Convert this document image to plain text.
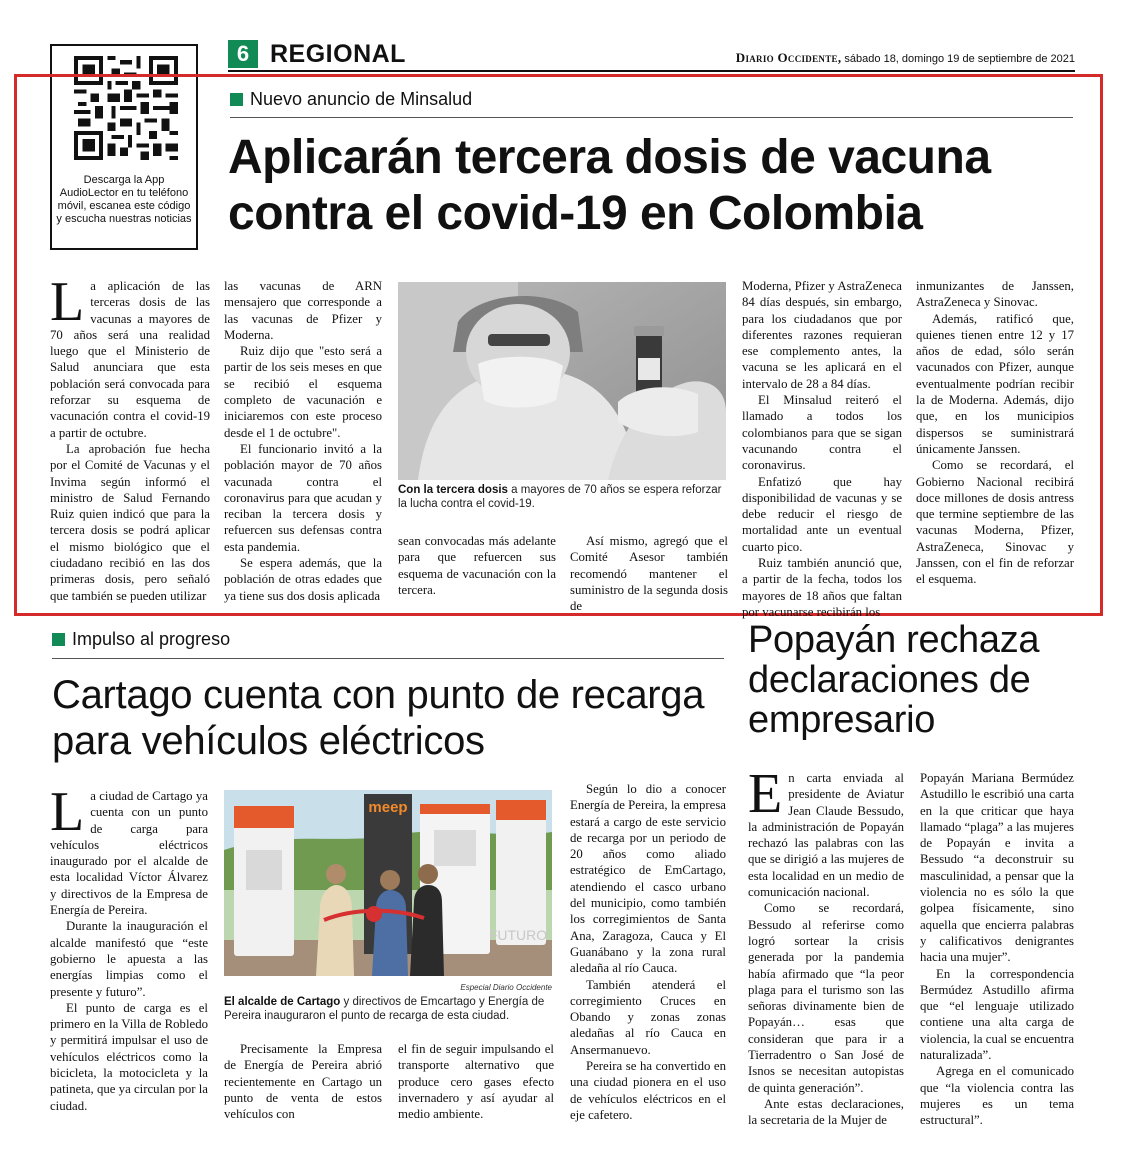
Descarga la App AudioLector en tu teléfono móvil, escanea este código y escucha nuestras noticias
6 REGIONAL	Diario Occidente, sábado 18, domingo 19 de septiembre de 2021
Nuevo anuncio de Minsalud
Aplicarán tercera dosis de vacuna contra el covid-19 en Colombia

La aplicación de las terceras dosis de las vacunas a mayores de 70 años será una realidad luego que el Ministerio de Salud anunciara que esta población será convocada para reforzar su esquema de vacunación contra el covid-19 a partir de octubre.

La aprobación fue hecha por el Comité de Vacunas y el Invima según informó el ministro de Salud Fernando Ruiz quien indicó que para la tercera dosis se podrá aplicar el mismo biológico que el ciudadano recibió en las dos primeras dosis, pero señaló que también se pueden utilizar

las vacunas de ARN mensajero que corresponde a las vacunas de Pfizer y Moderna.

Ruiz dijo que "esto será a partir de los seis meses en que se recibió el esquema completo de vacunación e iniciaremos con este proceso desde el 1 de octubre".

El funcionario invitó a la población mayor de 70 años vacunada contra el coronavirus para que acudan y reciban la tercera dosis y refuercen sus defensas contra esta pandemia.

Se espera además, que la población de otras edades que ya tiene sus dos dosis aplicada

Con la tercera dosis a mayores de 70 años se espera reforzar la lucha contra el covid-19.

sean convocadas más adelante para que refuercen sus esquema de vacunación con la tercera.

Así mismo, agregó que el Comité Asesor también recomendó mantener el suministro de la segunda dosis de

Moderna, Pfizer y AstraZeneca 84 días después, sin embargo, para los ciudadanos que por diferentes razones requieran ese complemento antes, la vacuna se les aplicará en el intervalo de 28 a 84 días.

El Minsalud reiteró el llamado a todos los colombianos para que se sigan vacunando contra el coronavirus.

Enfatizó que hay disponibilidad de vacunas y se debe reducir el riesgo de mortalidad ante un eventual cuarto pico.

Ruiz también anunció que, a partir de la fecha, todos los mayores de 18 años que faltan por vacunarse recibirán los

inmunizantes de Janssen, AstraZeneca y Sinovac.

Además, ratificó que, quienes tienen entre 12 y 17 años de edad, sólo serán vacunados con Pfizer, aunque eventualmente podrían recibir la de Moderna. Además, dijo que, en los municipios dispersos se suministrará únicamente Janssen.

Como se recordará, el Gobierno Nacional recibirá doce millones de dosis antress que termine septiembre de las vacunas Moderna, Pfizer, AstraZeneca, Sinovac y Janssen, con el fin de reforzar el esquema.

Impulso al progreso
Cartago cuenta con punto de recarga para vehículos eléctricos

La ciudad de Cartago ya cuenta con un punto de carga para vehículos eléctricos inaugurado por el alcalde de esta localidad Víctor Álvarez y directivos de la Empresa de Energía de Pereira.

Durante la inauguración el alcalde manifestó que “este gobierno le apuesta a las energías limpias como el presente y futuro”.

El punto de carga es el primero en la Villa de Robledo y permitirá impulsar el uso de vehículos eléctricos como la bicicleta, la motocicleta y la patineta, que ya circulan por la ciudad.

meep
FUTURO
Especial Diario Occidente
El alcalde de Cartago y directivos de Emcartago y Energía de Pereira inauguraron el punto de recarga de esta ciudad.

Precisamente la Empresa de Energía de Pereira abrió recientemente en Cartago un punto de venta de estos vehículos con

el fin de seguir impulsando el transporte alternativo que produce cero gases efecto invernadero y así ayudar al medio ambiente.

Según lo dio a conocer Energía de Pereira, la empresa estará a cargo de este servicio de recarga por un periodo de 20 años como aliado estratégico de EmCartago, atendiendo el casco urbano del municipio, como también los corregimientos de Santa Ana, Zaragoza, Cauca y El Guanábano y la zona rural aledaña al río Cauca.

También atenderá el corregimiento Cruces en Obando y zonas zonas aledañas al río Cauca en Ansermanuevo.

Pereira se ha convertido en una ciudad pionera en el uso de vehículos eléctricos en el eje cafetero.

Popayán rechaza declaraciones de empresario

En carta enviada al presidente de Aviatur Jean Claude Bessudo, la administración de Popayán rechazó las palabras con las que se dirigió a las mujeres de esta localidad en un medio de comunicación nacional.

Como se recordará, Bessudo al referirse como logró sortear la crisis generada por la pandemia había afirmado que “la peor plaga para el turismo son las señoras divinamente bien de Popayán… esas que consideran que para ir a Tierradentro o San José de Isnos se necesitan autopistas de quinta generación”.

Ante estas declaraciones, la secretaria de la Mujer de

Popayán Mariana Bermúdez Astudillo le escribió una carta en la que criticar que haya llamado “plaga” a las mujeres de Popayán e invita a Bessudo “a deconstruir su masculinidad, a pensar que la violencia no es sólo la que golpea físicamente, sino aquella que encierra palabras y calificativos denigrantes hacia una mujer”.

En la correspondencia Bermúdez Astudillo afirma que “el lenguaje utilizado contiene una alta carga de violencia, la cual se encuentra naturalizada”.

Agrega en el comunicado que “la violencia contra las mujeres es un tema estructural”.
